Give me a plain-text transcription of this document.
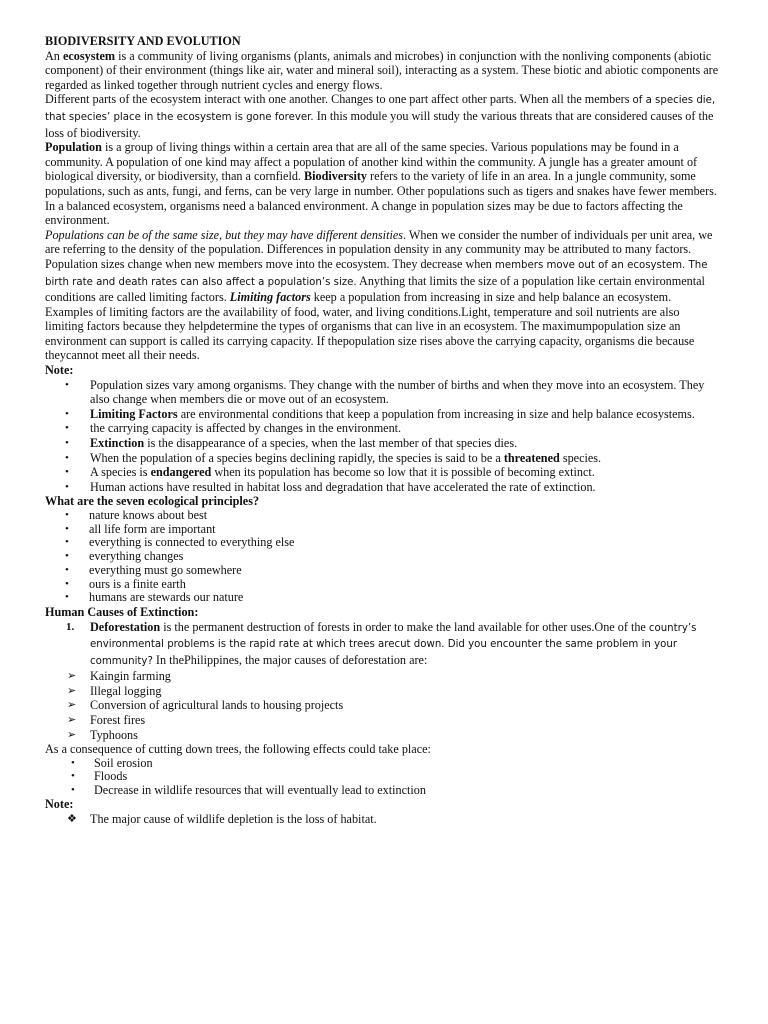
BIODIVERSITY AND EVOLUTION

An ecosystem is a community of living organisms (plants, animals and microbes) in conjunction with the nonliving components (abiotic component) of their environment (things like air, water and mineral soil), interacting as a system. These biotic and abiotic components are regarded as linked together through nutrient cycles and energy flows.

Different parts of the ecosystem interact with one another. Changes to one part affect other parts. When all the members of a species die, that species’ place in the ecosystem is gone forever. In this module you will study the various threats that are considered causes of the loss of biodiversity.

Population is a group of living things within a certain area that are all of the same species. Various populations may be found in a community. A population of one kind may affect a population of another kind within the community. A jungle has a greater amount of biological diversity, or biodiversity, than a cornfield. Biodiversity refers to the variety of life in an area. In a jungle community, some populations, such as ants, fungi, and ferns, can be very large in number. Other populations such as tigers and snakes have fewer members. In a balanced ecosystem, organisms need a balanced environment. A change in population sizes may be due to factors affecting the environment.

Populations can be of the same size, but they may have different densities. When we consider the number of individuals per unit area, we are referring to the density of the population. Differences in population density in any community may be attributed to many factors. Population sizes change when new members move into the ecosystem. They decrease when members move out of an ecosystem. The birth rate and death rates can also affect a population’s size. Anything that limits the size of a population like certain environmental conditions are called limiting factors. Limiting factors keep a population from increasing in size and help balance an ecosystem. Examples of limiting factors are the availability of food, water, and living conditions.Light, temperature and soil nutrients are also limiting factors because they helpdetermine the types of organisms that can live in an ecosystem. The maximumpopulation size an environment can support is called its carrying capacity. If thepopulation size rises above the carrying capacity, organisms die because theycannot meet all their needs.

Note:

• Population sizes vary among organisms. They change with the number of births and when they move into an ecosystem. They also change when members die or move out of an ecosystem.
• Limiting Factors are environmental conditions that keep a population from increasing in size and help balance ecosystems.
• the carrying capacity is affected by changes in the environment.
• Extinction is the disappearance of a species, when the last member of that species dies.
• When the population of a species begins declining rapidly, the species is said to be a threatened species.
• A species is endangered when its population has become so low that it is possible of becoming extinct.
• Human actions have resulted in habitat loss and degradation that have accelerated the rate of extinction.

What are the seven ecological principles?

• nature knows about best
• all life form are important
• everything is connected to everything else
• everything changes
• everything must go somewhere
• ours is a finite earth
• humans are stewards our nature

Human Causes of Extinction:

1. Deforestation is the permanent destruction of forests in order to make the land available for other uses.One of the country’s environmental problems is the rapid rate at which trees arecut down. Did you encounter the same problem in your community? In thePhilippines, the major causes of deforestation are:
➢ Kaingin farming
➢ Illegal logging
➢ Conversion of agricultural lands to housing projects
➢ Forest fires
➢ Typhoons

As a consequence of cutting down trees, the following effects could take place:

• Soil erosion
• Floods
• Decrease in wildlife resources that will eventually lead to extinction

Note:

❖ The major cause of wildlife depletion is the loss of habitat.
